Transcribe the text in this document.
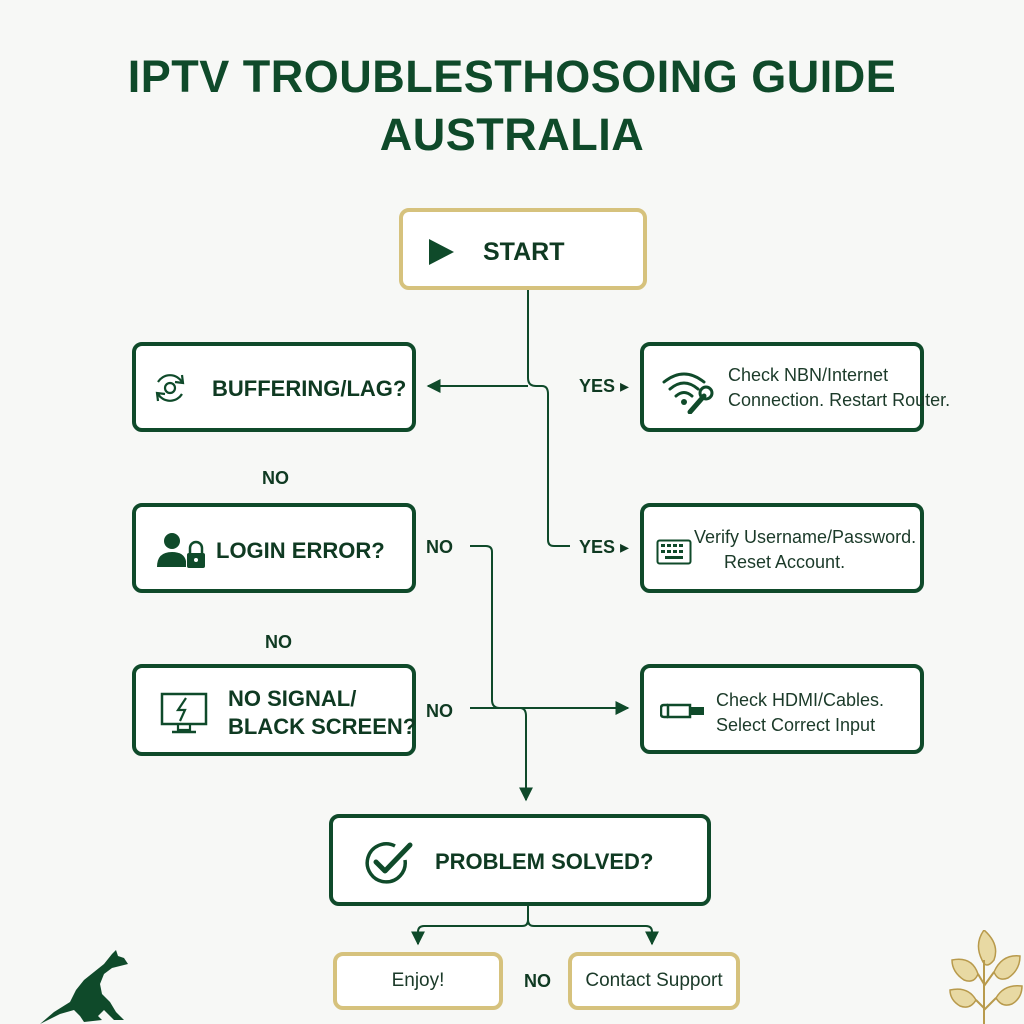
IPTV TROUBLESTHOSOING GUIDE
AUSTRALIA
START
BUFFERING/LAG?
LOGIN ERROR?
NO SIGNAL/
BLACK SCREEN?
Check NBN/Internet
Connection. Restart Router.
Verify Username/Password.
Reset Account.
Check HDMI/Cables.
Select Correct Input
PROBLEM SOLVED?
Enjoy!	Contact Support
YES ▸
YES ▸
NO
NO
NO
NO
NO
